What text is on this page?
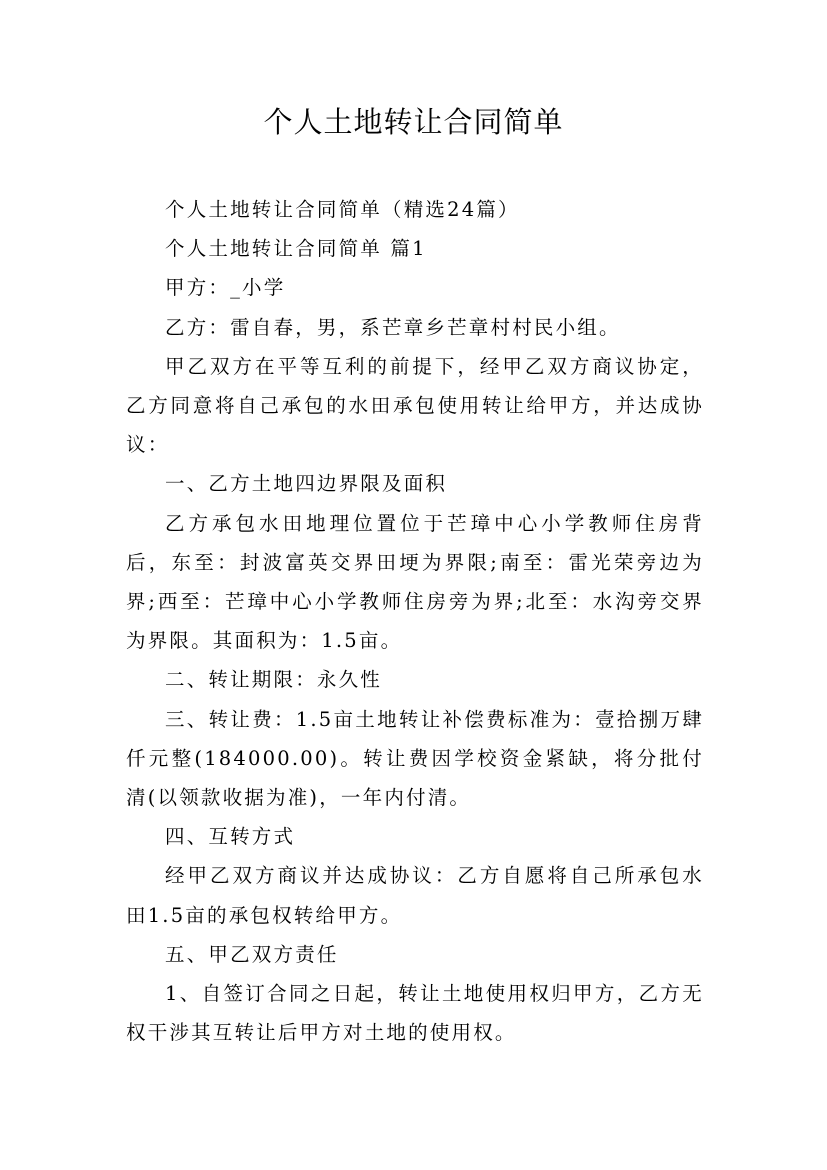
个人土地转让合同简单

个人土地转让合同简单（精选24篇）

个人土地转让合同简单 篇1

甲方：_小学

乙方：雷自春，男，系芒章乡芒章村村民小组。

甲乙双方在平等互利的前提下，经甲乙双方商议协定，乙方同意将自己承包的水田承包使用转让给甲方，并达成协议：

一、乙方土地四边界限及面积

乙方承包水田地理位置位于芒璋中心小学教师住房背后，东至：封波富英交界田埂为界限;南至：雷光荣旁边为界;西至：芒璋中心小学教师住房旁为界;北至：水沟旁交界为界限。其面积为：1.5亩。

二、转让期限：永久性

三、转让费：1.5亩土地转让补偿费标准为：壹拾捌万肆仟元整(184000.00)。转让费因学校资金紧缺，将分批付清(以领款收据为准)，一年内付清。

四、互转方式

经甲乙双方商议并达成协议：乙方自愿将自己所承包水田1.5亩的承包权转给甲方。

五、甲乙双方责任

1、自签订合同之日起，转让土地使用权归甲方，乙方无权干涉其互转让后甲方对土地的使用权。
